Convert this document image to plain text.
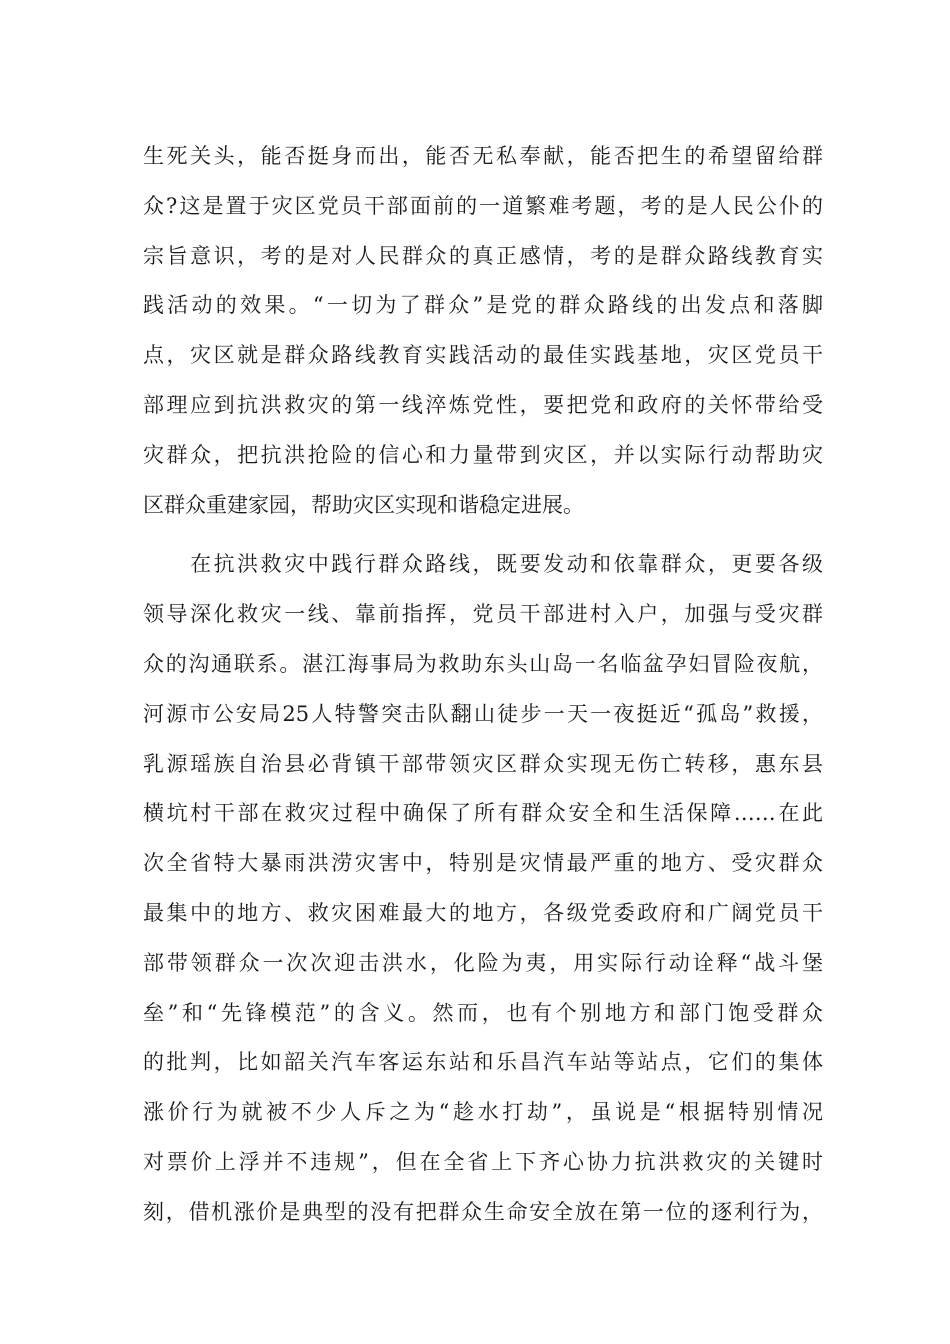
生死关头，能否挺身而出，能否无私奉献，能否把生的希望留给群
众?这是置于灾区党员干部面前的一道繁难考题，考的是人民公仆的
宗旨意识，考的是对人民群众的真正感情，考的是群众路线教育实
践活动的效果。“一切为了群众”是党的群众路线的出发点和落脚
点，灾区就是群众路线教育实践活动的最佳实践基地，灾区党员干
部理应到抗洪救灾的第一线淬炼党性，要把党和政府的关怀带给受
灾群众，把抗洪抢险的信心和力量带到灾区，并以实际行动帮助灾
区群众重建家园，帮助灾区实现和谐稳定进展。
　　在抗洪救灾中践行群众路线，既要发动和依靠群众，更要各级
领导深化救灾一线、靠前指挥，党员干部进村入户，加强与受灾群
众的沟通联系。湛江海事局为救助东头山岛一名临盆孕妇冒险夜航，
河源市公安局25人特警突击队翻山徒步一天一夜挺近“孤岛”救援，
乳源瑶族自治县必背镇干部带领灾区群众实现无伤亡转移，惠东县
横坑村干部在救灾过程中确保了所有群众安全和生活保障……在此
次全省特大暴雨洪涝灾害中，特别是灾情最严重的地方、受灾群众
最集中的地方、救灾困难最大的地方，各级党委政府和广阔党员干
部带领群众一次次迎击洪水，化险为夷，用实际行动诠释“战斗堡
垒”和“先锋模范”的含义。然而，也有个别地方和部门饱受群众
的批判，比如韶关汽车客运东站和乐昌汽车站等站点，它们的集体
涨价行为就被不少人斥之为“趁水打劫”，虽说是“根据特别情况
对票价上浮并不违规”，但在全省上下齐心协力抗洪救灾的关键时
刻，借机涨价是典型的没有把群众生命安全放在第一位的逐利行为，
